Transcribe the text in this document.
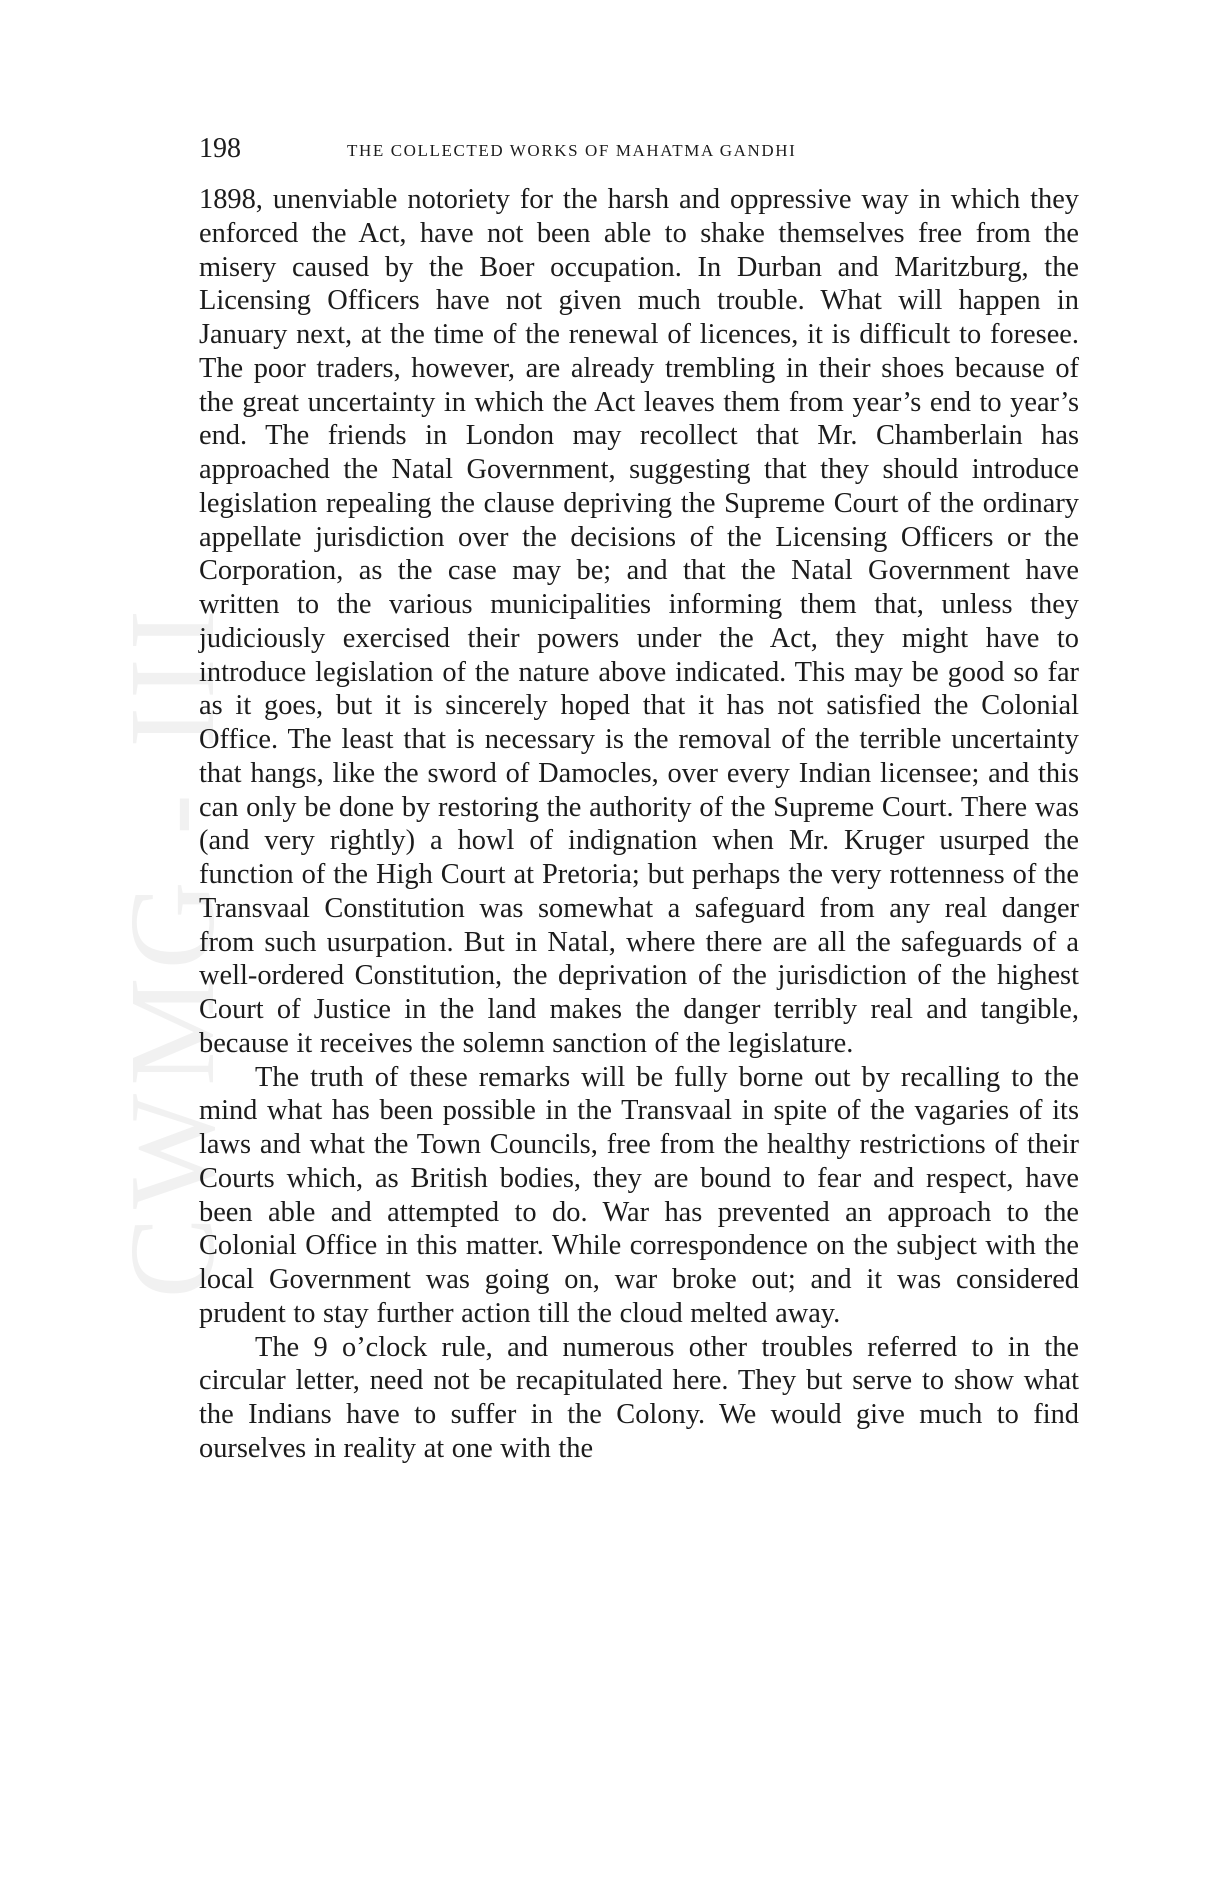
CWMG - III
198	THE COLLECTED WORKS OF MAHATMA GANDHI

1898, unenviable notoriety for the harsh and oppressive way in which they enforced the Act, have not been able to shake themselves free from the misery caused by the Boer occupation. In Durban and Maritzburg, the Licensing Officers have not given much trouble. What will happen in January next, at the time of the renewal of licences, it is difficult to foresee. The poor traders, however, are already trembling in their shoes because of the great uncertainty in which the Act leaves them from year’s end to year’s end. The friends in London may recollect that Mr. Chamberlain has approached the Natal Government, suggesting that they should introduce legislation repealing the clause depriving the Supreme Court of the ordinary appellate jurisdiction over the decisions of the Licensing Officers or the Corporation, as the case may be; and that the Natal Government have written to the various municipalities informing them that, unless they judiciously exercised their powers under the Act, they might have to introduce legislation of the nature above indicated. This may be good so far as it goes, but it is sincerely hoped that it has not satisfied the Colonial Office. The least that is necessary is the removal of the terrible uncertainty that hangs, like the sword of Damocles, over every Indian licensee; and this can only be done by restoring the authority of the Supreme Court. There was (and very rightly) a howl of indignation when Mr. Kruger usurped the function of the High Court at Pretoria; but perhaps the very rottenness of the Transvaal Constitution was somewhat a safeguard from any real danger from such usurpation. But in Natal, where there are all the safeguards of a well-ordered Constitution, the deprivation of the jurisdiction of the highest Court of Justice in the land makes the danger terribly real and tangible, because it receives the solemn sanction of the legislature.

The truth of these remarks will be fully borne out by recalling to the mind what has been possible in the Transvaal in spite of the vagaries of its laws and what the Town Councils, free from the healthy restrictions of their Courts which, as British bodies, they are bound to fear and respect, have been able and attempted to do. War has prevented an approach to the Colonial Office in this matter. While correspondence on the subject with the local Government was going on, war broke out; and it was considered prudent to stay further action till the cloud melted away.

The 9 o’clock rule, and numerous other troubles referred to in the circular letter, need not be recapitulated here. They but serve to show what the Indians have to suffer in the Colony. We would give much to find ourselves in reality at one with the
